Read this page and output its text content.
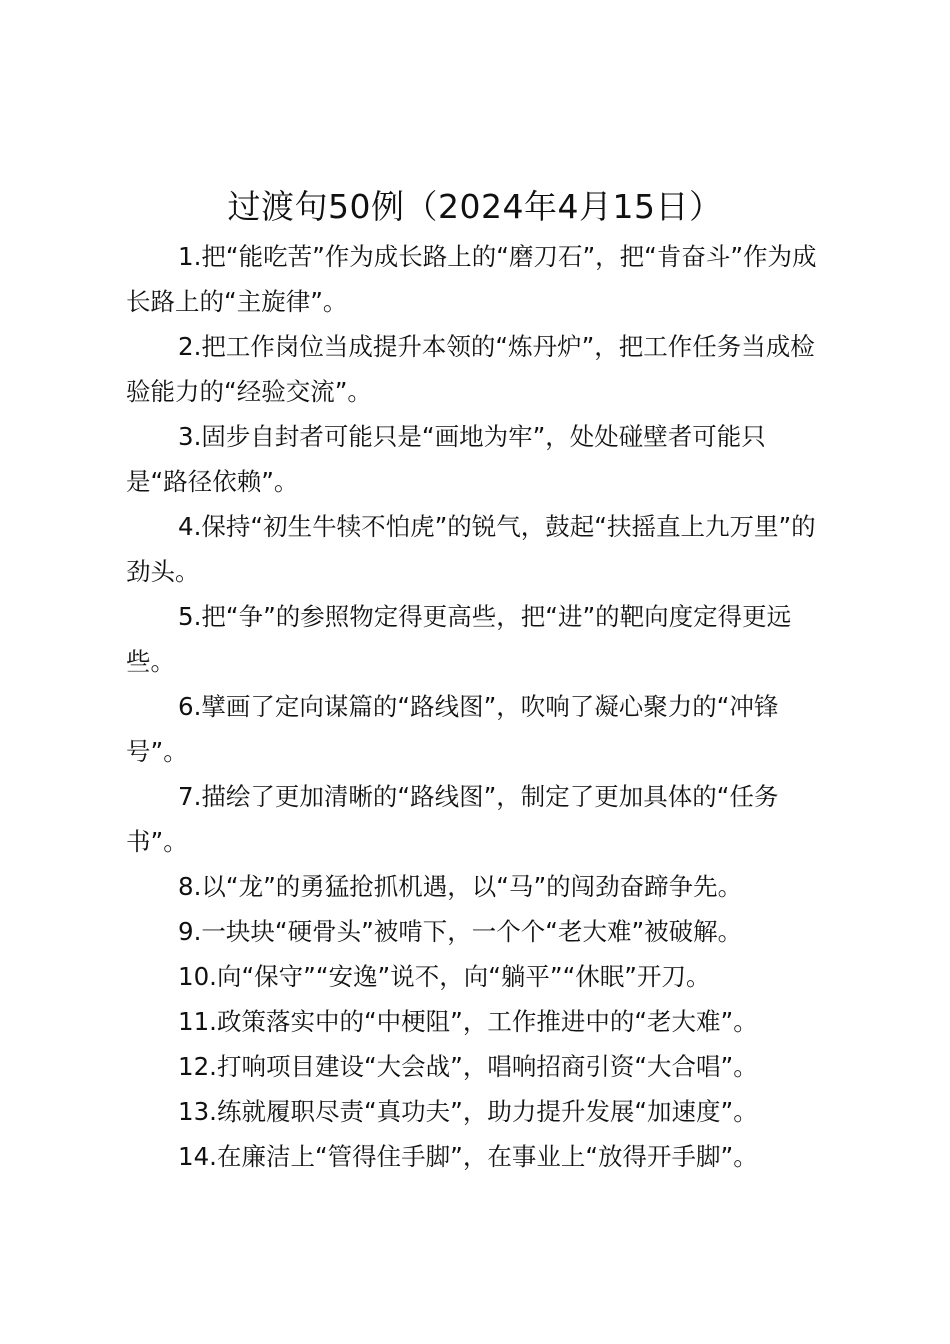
过渡句50例（2024年4月15日）

1.把“能吃苦”作为成长路上的“磨刀石”，把“肯奋斗”作为成长路上的“主旋律”。

2.把工作岗位当成提升本领的“炼丹炉”，把工作任务当成检验能力的“经验交流”。

3.固步自封者可能只是“画地为牢”，处处碰壁者可能只是“路径依赖”。

4.保持“初生牛犊不怕虎”的锐气，鼓起“扶摇直上九万里”的劲头。

5.把“争”的参照物定得更高些，把“进”的靶向度定得更远些。

6.擘画了定向谋篇的“路线图”，吹响了凝心聚力的“冲锋号”。

7.描绘了更加清晰的“路线图”，制定了更加具体的“任务书”。

8.以“龙”的勇猛抢抓机遇，以“马”的闯劲奋蹄争先。

9.一块块“硬骨头”被啃下，一个个“老大难”被破解。

10.向“保守”“安逸”说不，向“躺平”“休眠”开刀。

11.政策落实中的“中梗阻”，工作推进中的“老大难”。

12.打响项目建设“大会战”，唱响招商引资“大合唱”。

13.练就履职尽责“真功夫”，助力提升发展“加速度”。

14.在廉洁上“管得住手脚”，在事业上“放得开手脚”。
